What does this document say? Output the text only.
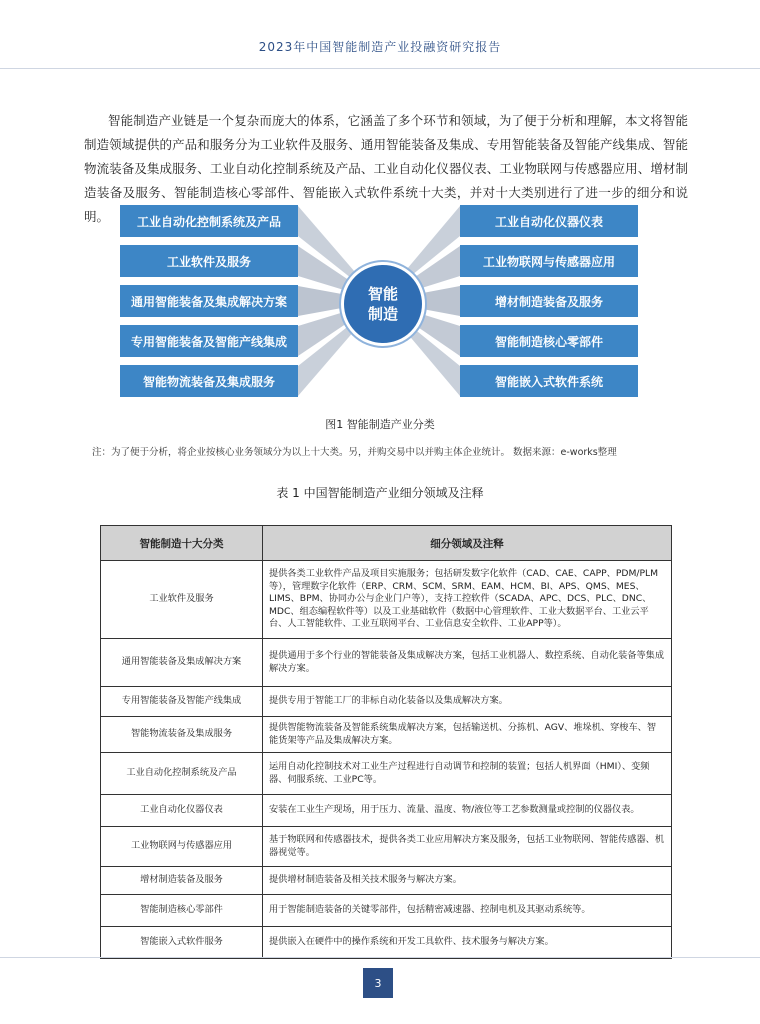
2023年中国智能制造产业投融资研究报告

智能制造产业链是一个复杂而庞大的体系，它涵盖了多个环节和领域，为了便于分析和理解，本文将智能制造领域提供的产品和服务分为工业软件及服务、通用智能装备及集成、专用智能装备及智能产线集成、智能物流装备及集成服务、工业自动化控制系统及产品、工业自动化仪器仪表、工业物联网与传感器应用、增材制造装备及服务、智能制造核心零部件、智能嵌入式软件系统十大类，并对十大类别进行了进一步的细分和说明。	工业自动化控制系统及产品
工业软件及服务
通用智能装备及集成解决方案
专用智能装备及智能产线集成
智能物流装备及集成服务
工业自动化仪器仪表
工业物联网与传感器应用
增材制造装备及服务
智能制造核心零部件
智能嵌入式软件系统
智能
制造
图1 智能制造产业分类
注：为了便于分析，将企业按核心业务领域分为以上十大类。另，并购交易中以并购主体企业统计。 数据来源：e-works整理
表 1 中国智能制造产业细分领域及注释
智能制造十大分类	细分领域及注释
工业软件及服务	提供各类工业软件产品及项目实施服务；包括研发数字化软件（CAD、CAE、CAPP、PDM/PLM等），管理数字化软件（ERP、CRM、SCM、SRM、EAM、HCM、BI、APS、QMS、MES、LIMS、BPM、协同办公与企业门户等），支持工控软件（SCADA、APC、DCS、PLC、DNC、MDC、组态编程软件等）以及工业基础软件（数据中心管理软件、工业大数据平台、工业云平台、人工智能软件、工业互联网平台、工业信息安全软件、工业APP等）。
通用智能装备及集成解决方案	提供通用于多个行业的智能装备及集成解决方案，包括工业机器人、数控系统、自动化装备等集成解决方案。
专用智能装备及智能产线集成	提供专用于智能工厂的非标自动化装备以及集成解决方案。
智能物流装备及集成服务	提供智能物流装备及智能系统集成解决方案，包括输送机、分拣机、AGV、堆垛机、穿梭车、智能货架等产品及集成解决方案。
工业自动化控制系统及产品	运用自动化控制技术对工业生产过程进行自动调节和控制的装置；包括人机界面（HMI）、变频器、伺服系统、工业PC等。
工业自动化仪器仪表	安装在工业生产现场，用于压力、流量、温度、物/液位等工艺参数测量或控制的仪器仪表。
工业物联网与传感器应用	基于物联网和传感器技术，提供各类工业应用解决方案及服务，包括工业物联网、智能传感器、机器视觉等。
增材制造装备及服务	提供增材制造装备及相关技术服务与解决方案。
智能制造核心零部件	用于智能制造装备的关键零部件，包括精密减速器、控制电机及其驱动系统等。
智能嵌入式软件服务	提供嵌入在硬件中的操作系统和开发工具软件、技术服务与解决方案。
3
